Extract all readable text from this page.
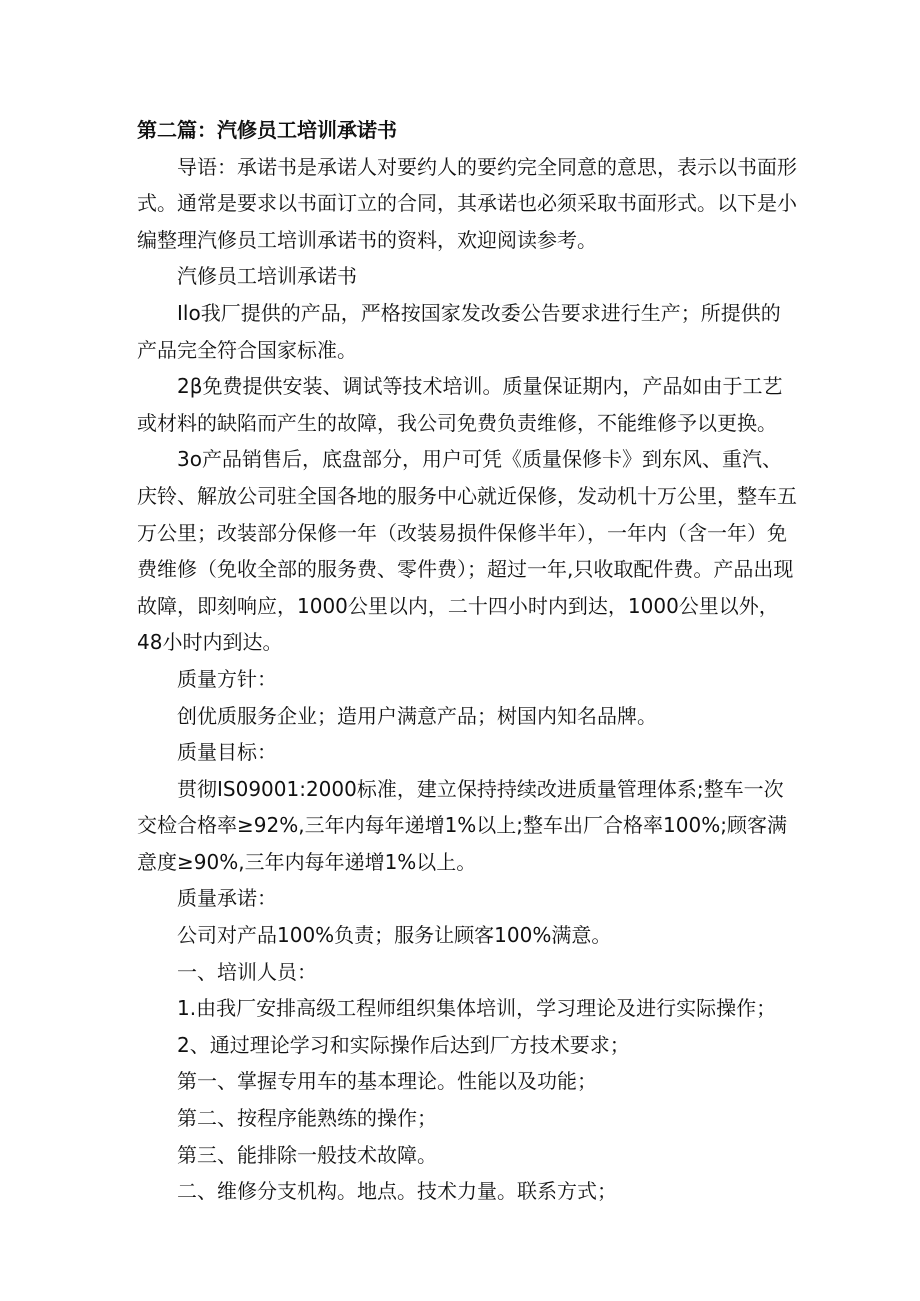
第二篇：汽修员工培训承诺书

导语：承诺书是承诺人对要约人的要约完全同意的意思，表示以书面形式。通常是要求以书面订立的合同，其承诺也必须采取书面形式。以下是小编整理汽修员工培训承诺书的资料，欢迎阅读参考。

汽修员工培训承诺书

Ilo我厂提供的产品，严格按国家发改委公告要求进行生产；所提供的产品完全符合国家标准。

2β免费提供安装、调试等技术培训。质量保证期内，产品如由于工艺或材料的缺陷而产生的故障，我公司免费负责维修，不能维修予以更换。

3o产品销售后，底盘部分，用户可凭《质量保修卡》到东风、重汽、庆铃、解放公司驻全国各地的服务中心就近保修，发动机十万公里，整车五万公里；改装部分保修一年（改装易损件保修半年），一年内（含一年）免费维修（免收全部的服务费、零件费）；超过一年,只收取配件费。产品出现故障，即刻响应，1000公里以内，二十四小时内到达，1000公里以外，48小时内到达。

质量方针：

创优质服务企业；造用户满意产品；树国内知名品牌。

质量目标：

贯彻IS09001:2000标准，建立保持持续改进质量管理体系;整车一次交检合格率≥92%,三年内每年递增1%以上;整车出厂合格率100%;顾客满意度≥90%,三年内每年递增1%以上。

质量承诺：

公司对产品100%负责；服务让顾客100%满意。

一、培训人员：

1.由我厂安排高级工程师组织集体培训，学习理论及进行实际操作；

2、通过理论学习和实际操作后达到厂方技术要求；

第一、掌握专用车的基本理论。性能以及功能；

第二、按程序能熟练的操作；

第三、能排除一般技术故障。

二、维修分支机构。地点。技术力量。联系方式；
